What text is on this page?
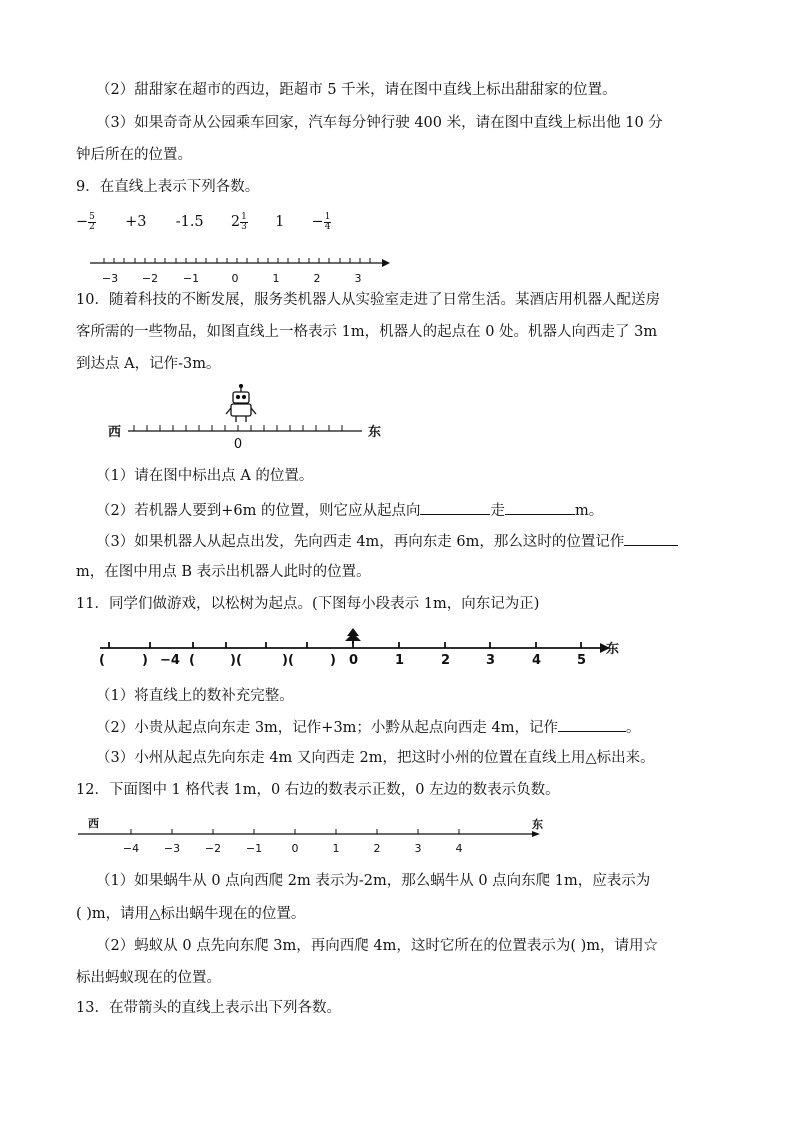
（2）甜甜家在超市的西边，距超市 5 千米，请在图中直线上标出甜甜家的位置。
（3）如果奇奇从公园乘车回家，汽车每分钟行驶 400 米，请在图中直线上标出他 10 分
钟后所在的位置。
9．在直线上表示下列各数。
− $\frac{5}{2} +3$ -1.5 $2 \frac{1}{3} 1 - \frac{1}{4}$
−3 −2 −1	0	1	2	3
10．随着科技的不断发展，服务类机器人从实验室走进了日常生活。某酒店用机器人配送房
客所需的一些物品，如图直线上一格表示 1m，机器人的起点在 0 处。机器人向西走了 3m
到达点 A，记作-3m。
西
0
东
（1）请在图中标出点 A 的位置。
（2）若机器人要到+6m 的位置，则它应从起点向	走	m。
（3）如果机器人从起点出发，先向西走 4m，再向东走 6m，那么这时的位置记作
m，在图中用点 B 表示出机器人此时的位置。
11．同学们做游戏，以松树为起点。(下图每小段表示 1m，向东记为正)
(	) −4 (	)(	)(	) 0	1	2	3	4	5
东
（1）将直线上的数补充完整。
（2）小贵从起点向东走 3m，记作+3m；小黔从起点向西走 4m，记作	。
（3）小州从起点先向东走 4m 又向西走 2m，把这时小州的位置在直线上用△标出来。
12．下面图中 1 格代表 1m，0 右边的数表示正数，0 左边的数表示负数。
西	东
−4 −3 −2 −1	0	1	2	3	4
（1）如果蜗牛从 0 点向西爬 2m 表示为-2m，那么蜗牛从 0 点向东爬 1m，应表示为
( )m，请用△标出蜗牛现在的位置。
（2）蚂蚁从 0 点先向东爬 3m，再向西爬 4m，这时它所在的位置表示为( )m，请用☆
标出蚂蚁现在的位置。
13．在带箭头的直线上表示出下列各数。
